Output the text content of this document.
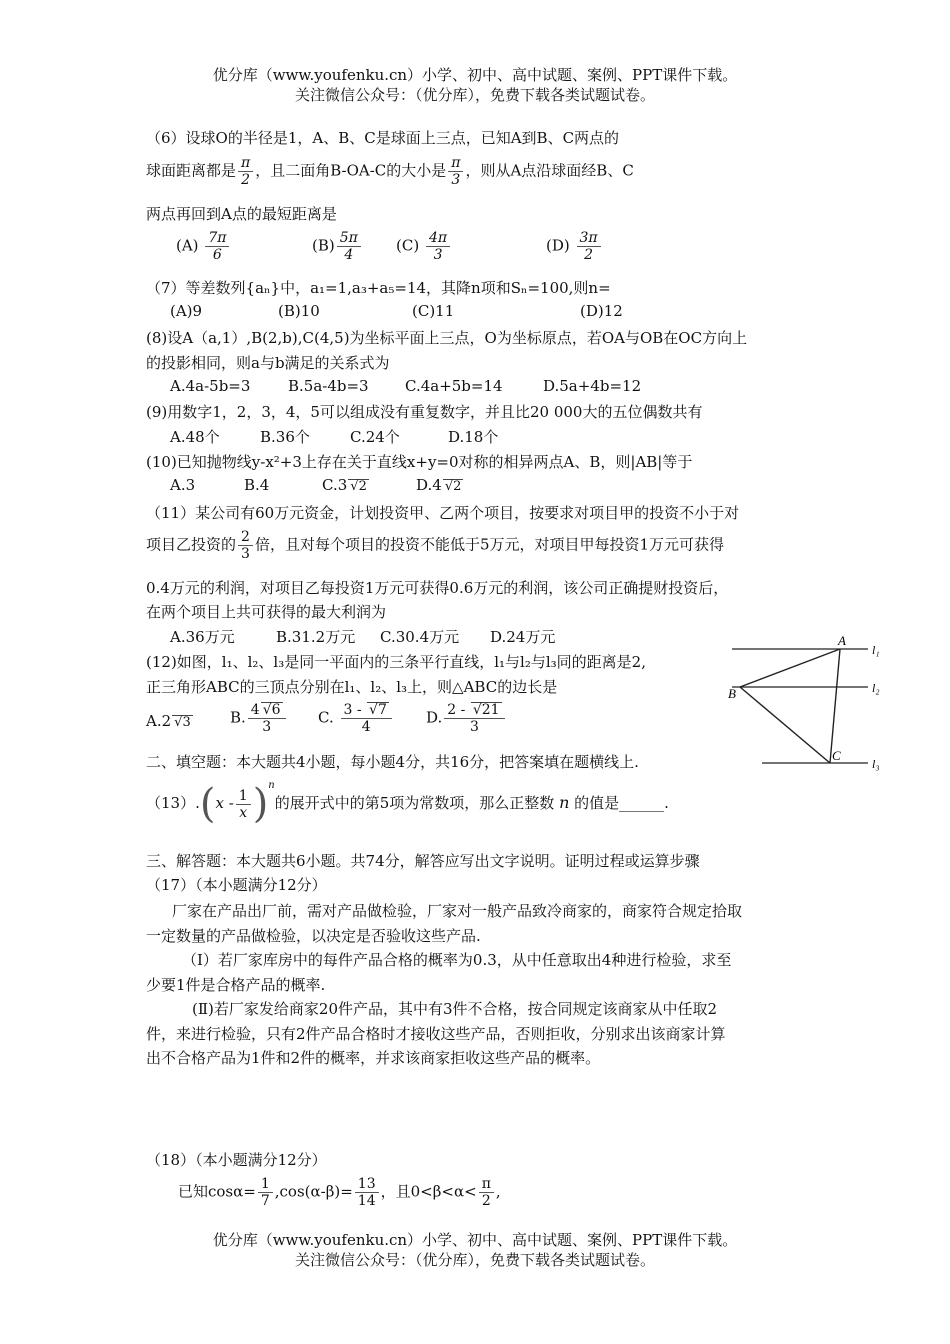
优分库（www.youfenku.cn）小学、初中、高中试题、案例、PPT课件下载。
关注微信公众号：（优分库），免费下载各类试题试卷。
（6）设球O的半径是1，A、B、C是球面上三点，已知A到B、C两点的
球面距离都是 $\frac{\pi}{2}$ ，且二面角B-OA-C的大小是 $\frac{\pi}{3}$ ，则从A点沿球面经B、C
两点再回到A点的最短距离是
$(A) \frac{7\pi}{6}$	$(B) \frac{5\pi}{4} (C) \frac{4\pi}{3}$	$(D) \frac{3\pi}{2}$
（7）等差数列{aₙ}中，a₁=1,a₃+a₅=14，其降n项和Sₙ=100,则n=
(A)9	(B)10	(C)11	(D)12
(8)设A（a,1）,B(2,b),C(4,5)为坐标平面上三点，O为坐标原点，若OA与OB在OC方向上
的投影相同，则a与b满足的关系式为
A.4a-5b=3	B.5a-4b=3 C.4a+5b=14	D.5a+4b=12
(9)用数字1，2，3，4，5可以组成没有重复数字，并且比20 000大的五位偶数共有
A.48个	B.36个	C.24个	D.18个
(10)已知抛物线y-x²+3上存在关于直线x+y=0对称的相异两点A、B，则|AB|等于
A.3	B.4	C.3 √2	D.4 √2
（11）某公司有60万元资金，计划投资甲、乙两个项目，按要求对项目甲的投资不小于对
项目乙投资的 $\frac{2}{3}$ 倍，且对每个项目的投资不能低于5万元，对项目甲每投资1万元可获得
0.4万元的利润，对项目乙每投资1万元可获得0.6万元的利润，该公司正确提财投资后，
在两个项目上共可获得的最大利润为
A.36万元	B.31.2万元 C.30.4万元 D.24万元
(12)如图，l₁、l₂、l₃是同一平面内的三条平行直线，l₁与l₂与l₃同的距离是2,
正三角形ABC的三顶点分别在l₁、l₂、l₃上，则△ABC的边长是
A.2 √3	B. $\frac{4 √6}{3} C$. $\frac{3 - √7}{4} D$. $\frac{2 - √21}{3}$
A
B
C
l₁
l₂
l₃
二、填空题：本大题共4小题，每小题4分，共16分，把答案填在题横线上.
$(13).(x - \frac{1}{x} )^n$的展开式中的第5项为常数项，那么正整数 n 的值是______.
三、解答题：本大题共6小题。共74分，解答应写出文字说明。证明过程或运算步骤
（17）（本小题满分12分）
厂家在产品出厂前，需对产品做检验，厂家对一般产品致冷商家的，商家符合规定拾取
一定数量的产品做检验，以决定是否验收这些产品.
（Ⅰ）若厂家库房中的每件产品合格的概率为0.3，从中任意取出4种进行检验，求至
少要1件是合格产品的概率.
(Ⅱ)若厂家发给商家20件产品，其中有3件不合格，按合同规定该商家从中任取2
件，来进行检验，只有2件产品合格时才接收这些产品，否则拒收，分别求出该商家计算
出不合格产品为1件和2件的概率，并求该商家拒收这些产品的概率。
（18）（本小题满分12分）
已知$\cos\alpha= \frac{1}{7} ,\cos(\alpha-\beta)= \frac{13}{14}$ ，且$0<\beta<\alpha< \frac{\pi}{2}$ ,
优分库（www.youfenku.cn）小学、初中、高中试题、案例、PPT课件下载。
关注微信公众号：（优分库），免费下载各类试题试卷。
